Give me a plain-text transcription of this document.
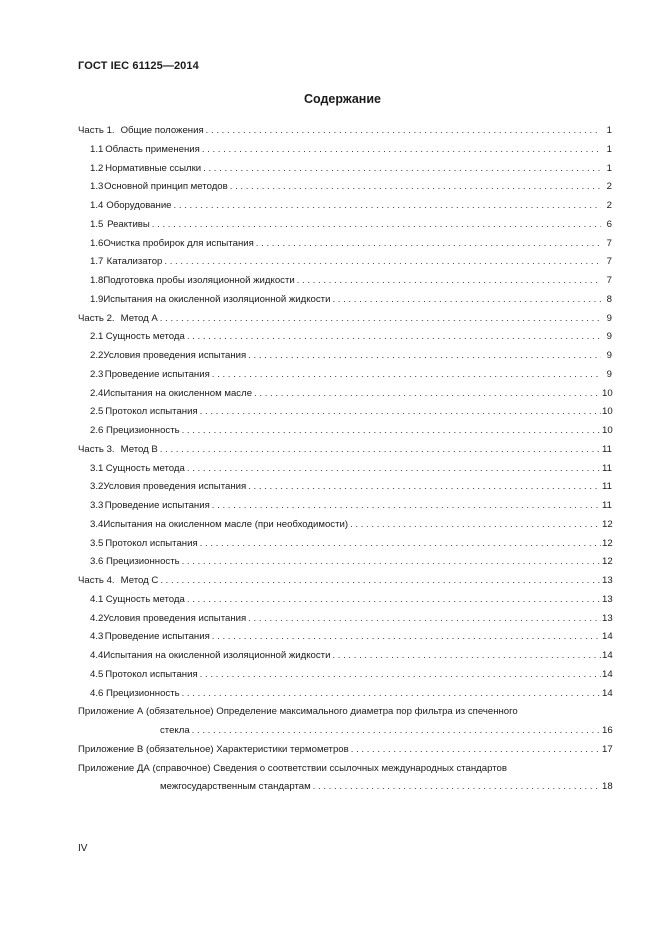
ГОСТ IEC 61125—2014
Содержание
Часть 1. Общие положения . . .	1
1.1 Область применения . . .	1
1.2 Нормативные ссылки . . .	1
1.3 Основной принцип методов . . .	2
1.4 Оборудование . . .	2
1.5 Реактивы . . .	6
1.6 Очистка пробирок для испытания . . .	7
1.7 Катализатор . . .	7
1.8 Подготовка пробы изоляционной жидкости . . .	7
1.9 Испытания на окисленной изоляционной жидкости . . .	8
Часть 2. Метод А . . .	9
2.1 Сущность метода . . .	9
2.2 Условия проведения испытания . . .	9
2.3 Проведение испытания . . .	9
2.4 Испытания на окисленном масле . . .	10
2.5 Протокол испытания . . .	10
2.6 Прецизионность . . .	10
Часть 3. Метод В . . .	11
3.1 Сущность метода . . .	11
3.2 Условия проведения испытания . . .	11
3.3 Проведение испытания . . .	11
3.4 Испытания на окисленном масле (при необходимости) . . .	12
3.5 Протокол испытания . . .	12
3.6 Прецизионность . . .	12
Часть 4. Метод С . . .	13
4.1 Сущность метода . . .	13
4.2 Условия проведения испытания . . .	13
4.3 Проведение испытания . . .	14
4.4 Испытания на окисленной изоляционной жидкости . . .	14
4.5 Протокол испытания . . .	14
4.6 Прецизионность . . .	14
Приложение А (обязательное) Определение максимального диаметра пор фильтра из спеченного
стекла . . .	16
Приложение В (обязательное) Характеристики термометров . . .	17
Приложение ДА (справочное) Сведения о соответствии ссылочных международных стандартов
межгосударственным стандартам . . .	18
IV
